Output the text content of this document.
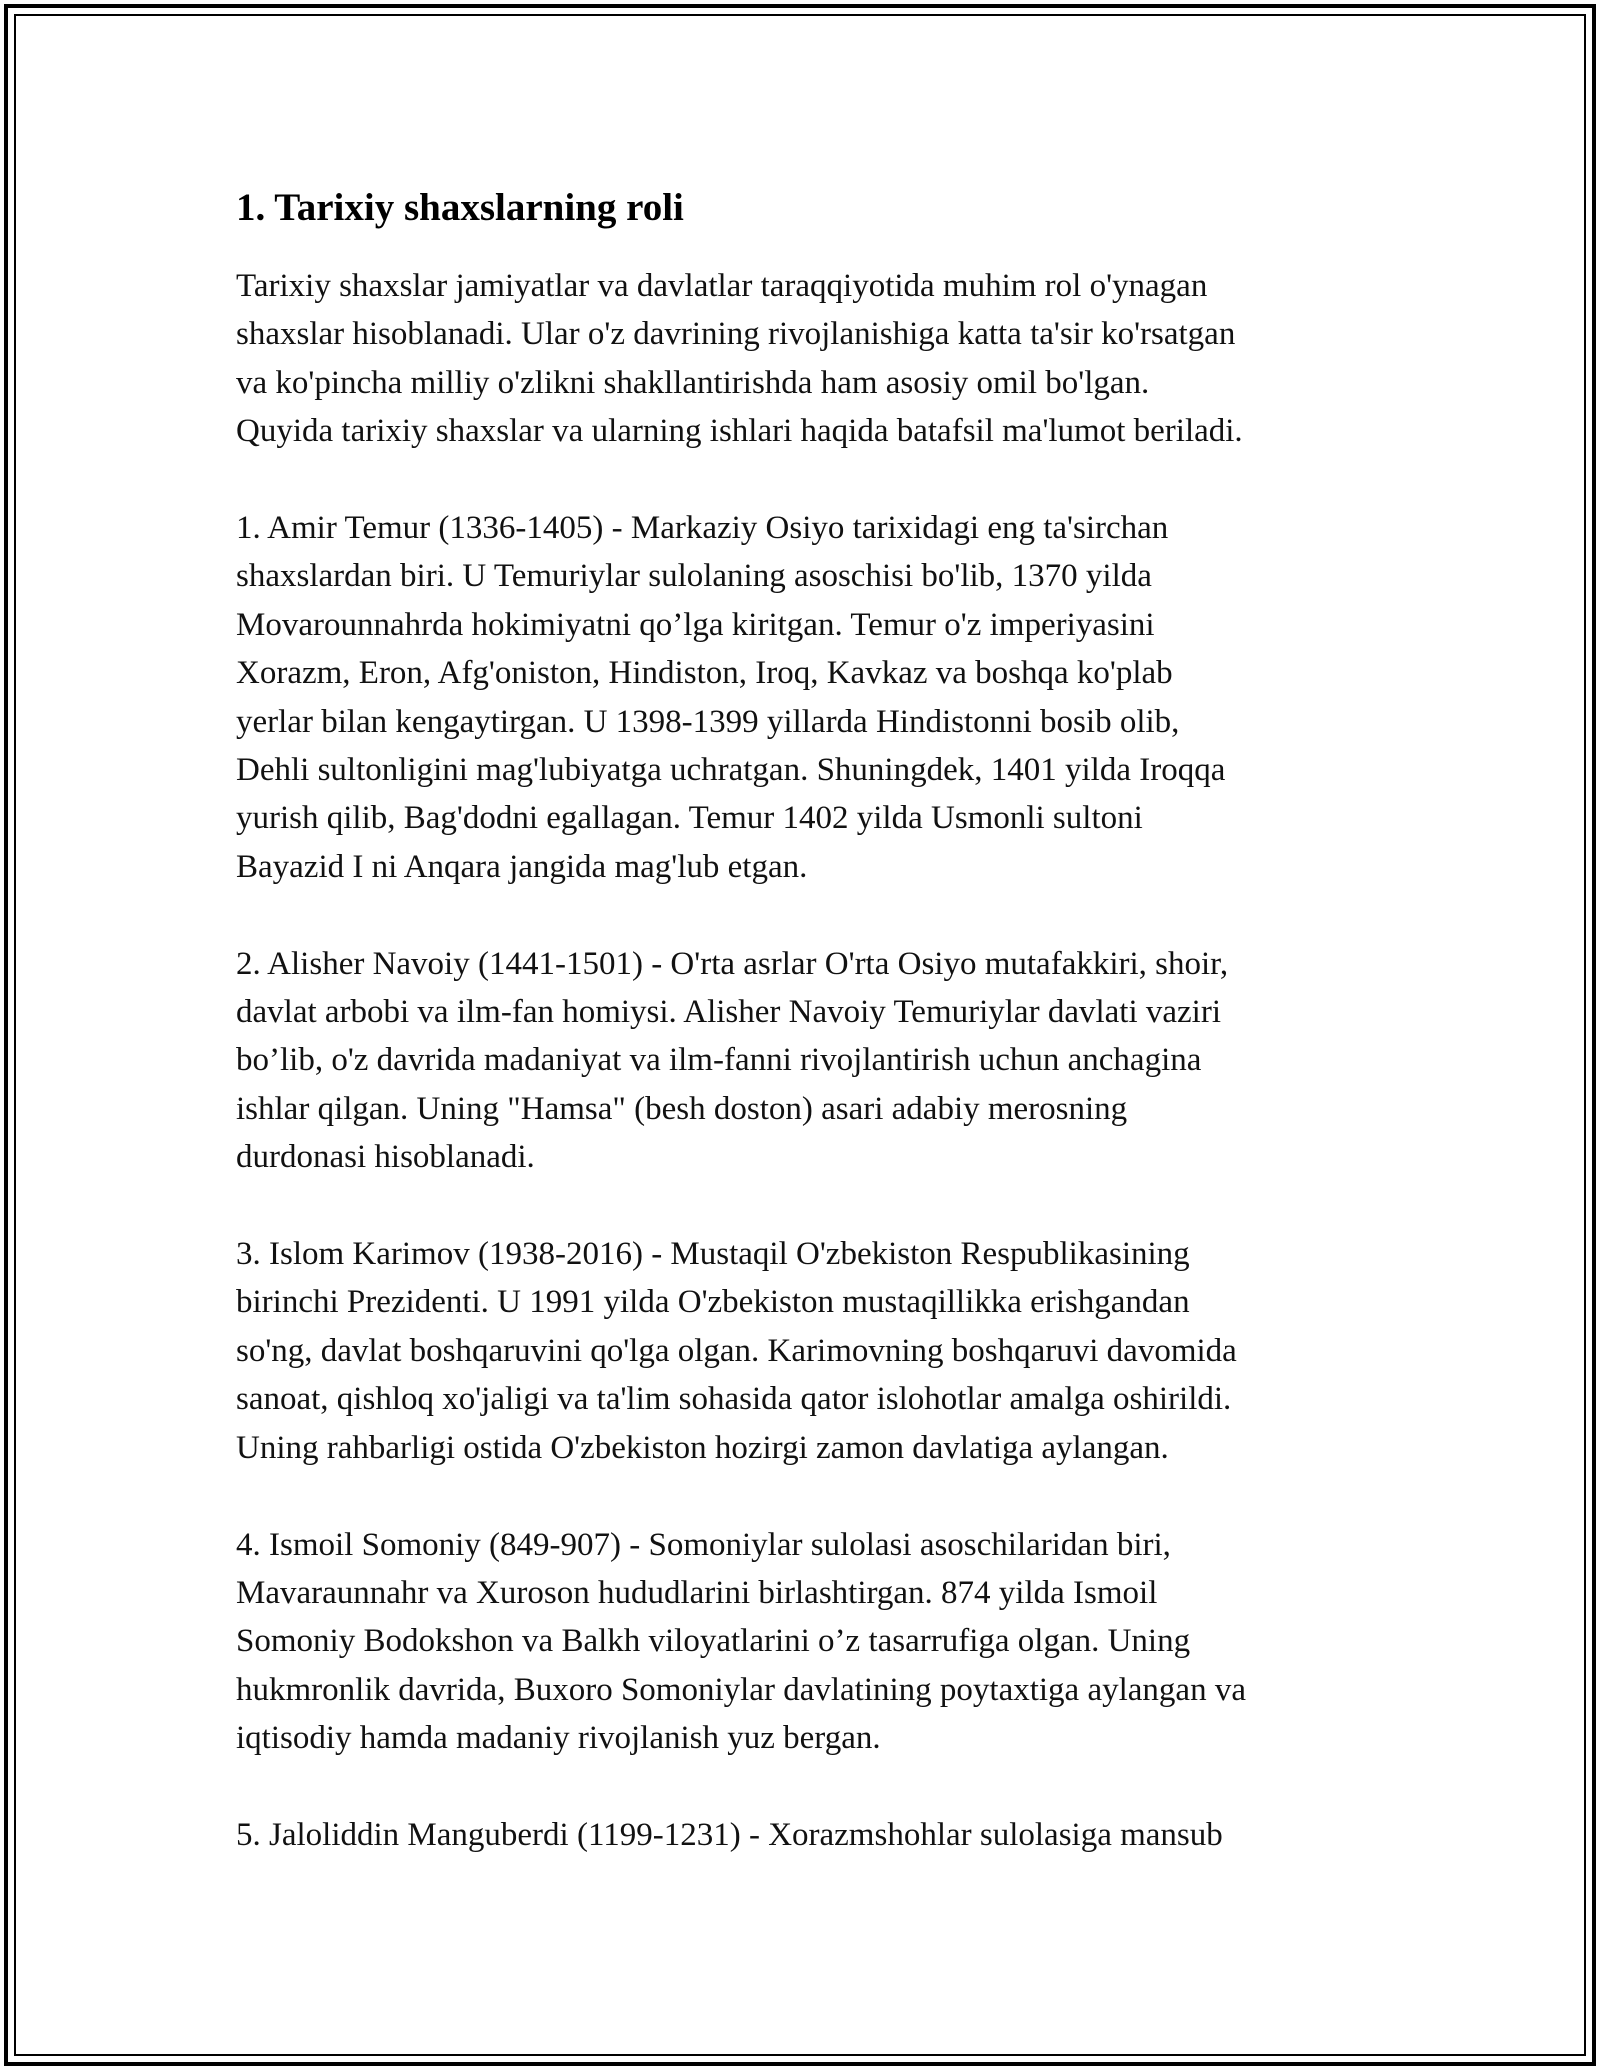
1. Tarixiy shaxslarning roli

Tarixiy shaxslar jamiyatlar va davlatlar taraqqiyotida muhim rol o'ynagan
shaxslar hisoblanadi. Ular o'z davrining rivojlanishiga katta ta'sir ko'rsatgan
va ko'pincha milliy o'zlikni shakllantirishda ham asosiy omil bo'lgan.
Quyida tarixiy shaxslar va ularning ishlari haqida batafsil ma'lumot beriladi.

1. Amir Temur (1336-1405) - Markaziy Osiyo tarixidagi eng ta'sirchan
shaxslardan biri. U Temuriylar sulolaning asoschisi bo'lib, 1370 yilda
Movarounnahrda hokimiyatni qo’lga kiritgan. Temur o'z imperiyasini
Xorazm, Eron, Afg'oniston, Hindiston, Iroq, Kavkaz va boshqa ko'plab
yerlar bilan kengaytirgan. U 1398-1399 yillarda Hindistonni bosib olib,
Dehli sultonligini mag'lubiyatga uchratgan. Shuningdek, 1401 yilda Iroqqa
yurish qilib, Bag'dodni egallagan. Temur 1402 yilda Usmonli sultoni
Bayazid I ni Anqara jangida mag'lub etgan.

2. Alisher Navoiy (1441-1501) - O'rta asrlar O'rta Osiyo mutafakkiri, shoir,
davlat arbobi va ilm-fan homiysi. Alisher Navoiy Temuriylar davlati vaziri
bo’lib, o'z davrida madaniyat va ilm-fanni rivojlantirish uchun anchagina
ishlar qilgan. Uning "Hamsa" (besh doston) asari adabiy merosning
durdonasi hisoblanadi.

3. Islom Karimov (1938-2016) - Mustaqil O'zbekiston Respublikasining
birinchi Prezidenti. U 1991 yilda O'zbekiston mustaqillikka erishgandan
so'ng, davlat boshqaruvini qo'lga olgan. Karimovning boshqaruvi davomida
sanoat, qishloq xo'jaligi va ta'lim sohasida qator islohotlar amalga oshirildi.
Uning rahbarligi ostida O'zbekiston hozirgi zamon davlatiga aylangan.

4. Ismoil Somoniy (849-907) - Somoniylar sulolasi asoschilaridan biri,
Mavaraunnahr va Xuroson hududlarini birlashtirgan. 874 yilda Ismoil
Somoniy Bodokshon va Balkh viloyatlarini o’z tasarrufiga olgan. Uning
hukmronlik davrida, Buxoro Somoniylar davlatining poytaxtiga aylangan va
iqtisodiy hamda madaniy rivojlanish yuz bergan.

5. Jaloliddin Manguberdi (1199-1231) - Xorazmshohlar sulolasiga mansub
